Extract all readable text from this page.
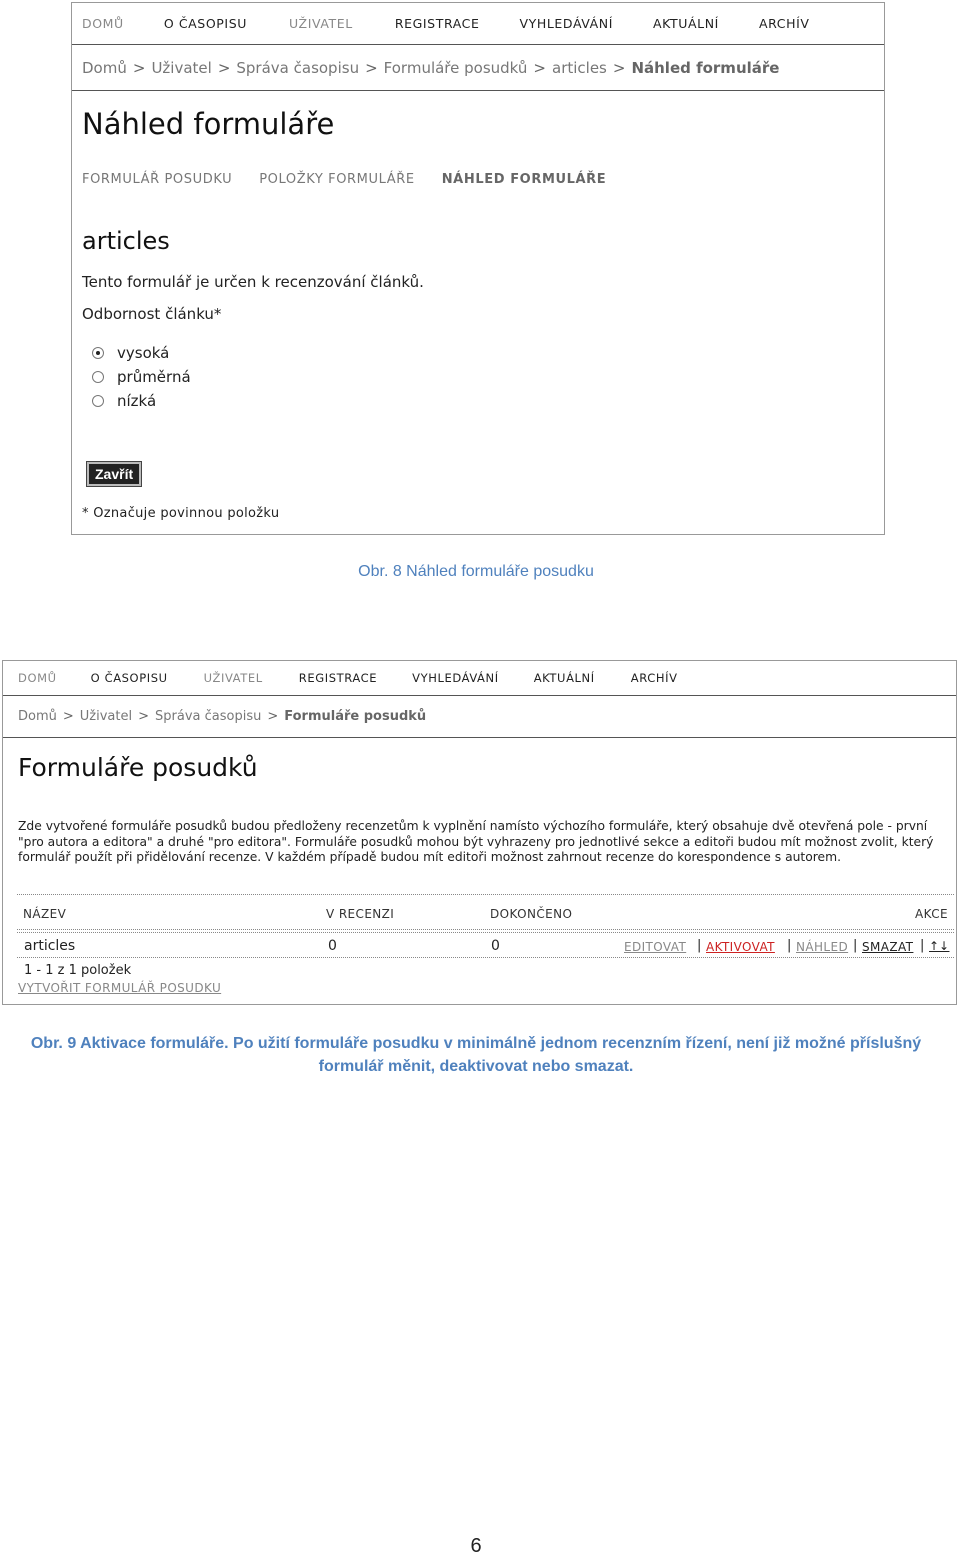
DOMŮ	O ČASOPISU	UŽIVATEL	REGISTRACE	VYHLEDÁVÁNÍ	AKTUÁLNÍ	ARCHÍV
Domů > Uživatel > Správa časopisu > Formuláře posudků > articles > Náhled formuláře
Náhled formuláře
FORMULÁŘ POSUDKU POLOŽKY FORMULÁŘE NÁHLED FORMULÁŘE
articles
Tento formulář je určen k recenzování článků.
Odbornost článku*
vysoká
průměrná
nízká
Zavřít
* Označuje povinnou položku
Obr. 8 Náhled formuláře posudku
DOMŮ	O ČASOPISU	UŽIVATEL	REGISTRACE	VYHLEDÁVÁNÍ	AKTUÁLNÍ	ARCHÍV
Domů > Uživatel > Správa časopisu > Formuláře posudků
Formuláře posudků
Zde vytvořené formuláře posudků budou předloženy recenzetům k vyplnění namísto výchozího formuláře, který obsahuje dvě otevřená pole - první "pro autora a editora" a druhé "pro editora". Formuláře posudků mohou být vyhrazeny pro jednotlivé sekce a editoři budou mít možnost zvolit, který formulář použít při přidělování recenze. V každém případě budou mít editoři možnost zahrnout recenze do korespondence s autorem.
NÁZEV	V RECENZI	DOKONČENO	AKCE
articles	0	0	EDITOVAT | AKTIVOVAT | NÁHLED | SMAZAT | ↑ ↓
1 - 1 z 1 položek
VYTVOŘIT FORMULÁŘ POSUDKU
Obr. 9 Aktivace formuláře. Po užití formuláře posudku v minimálně jednom recenzním řízení, není již možné příslušný
formulář měnit, deaktivovat nebo smazat.
6
